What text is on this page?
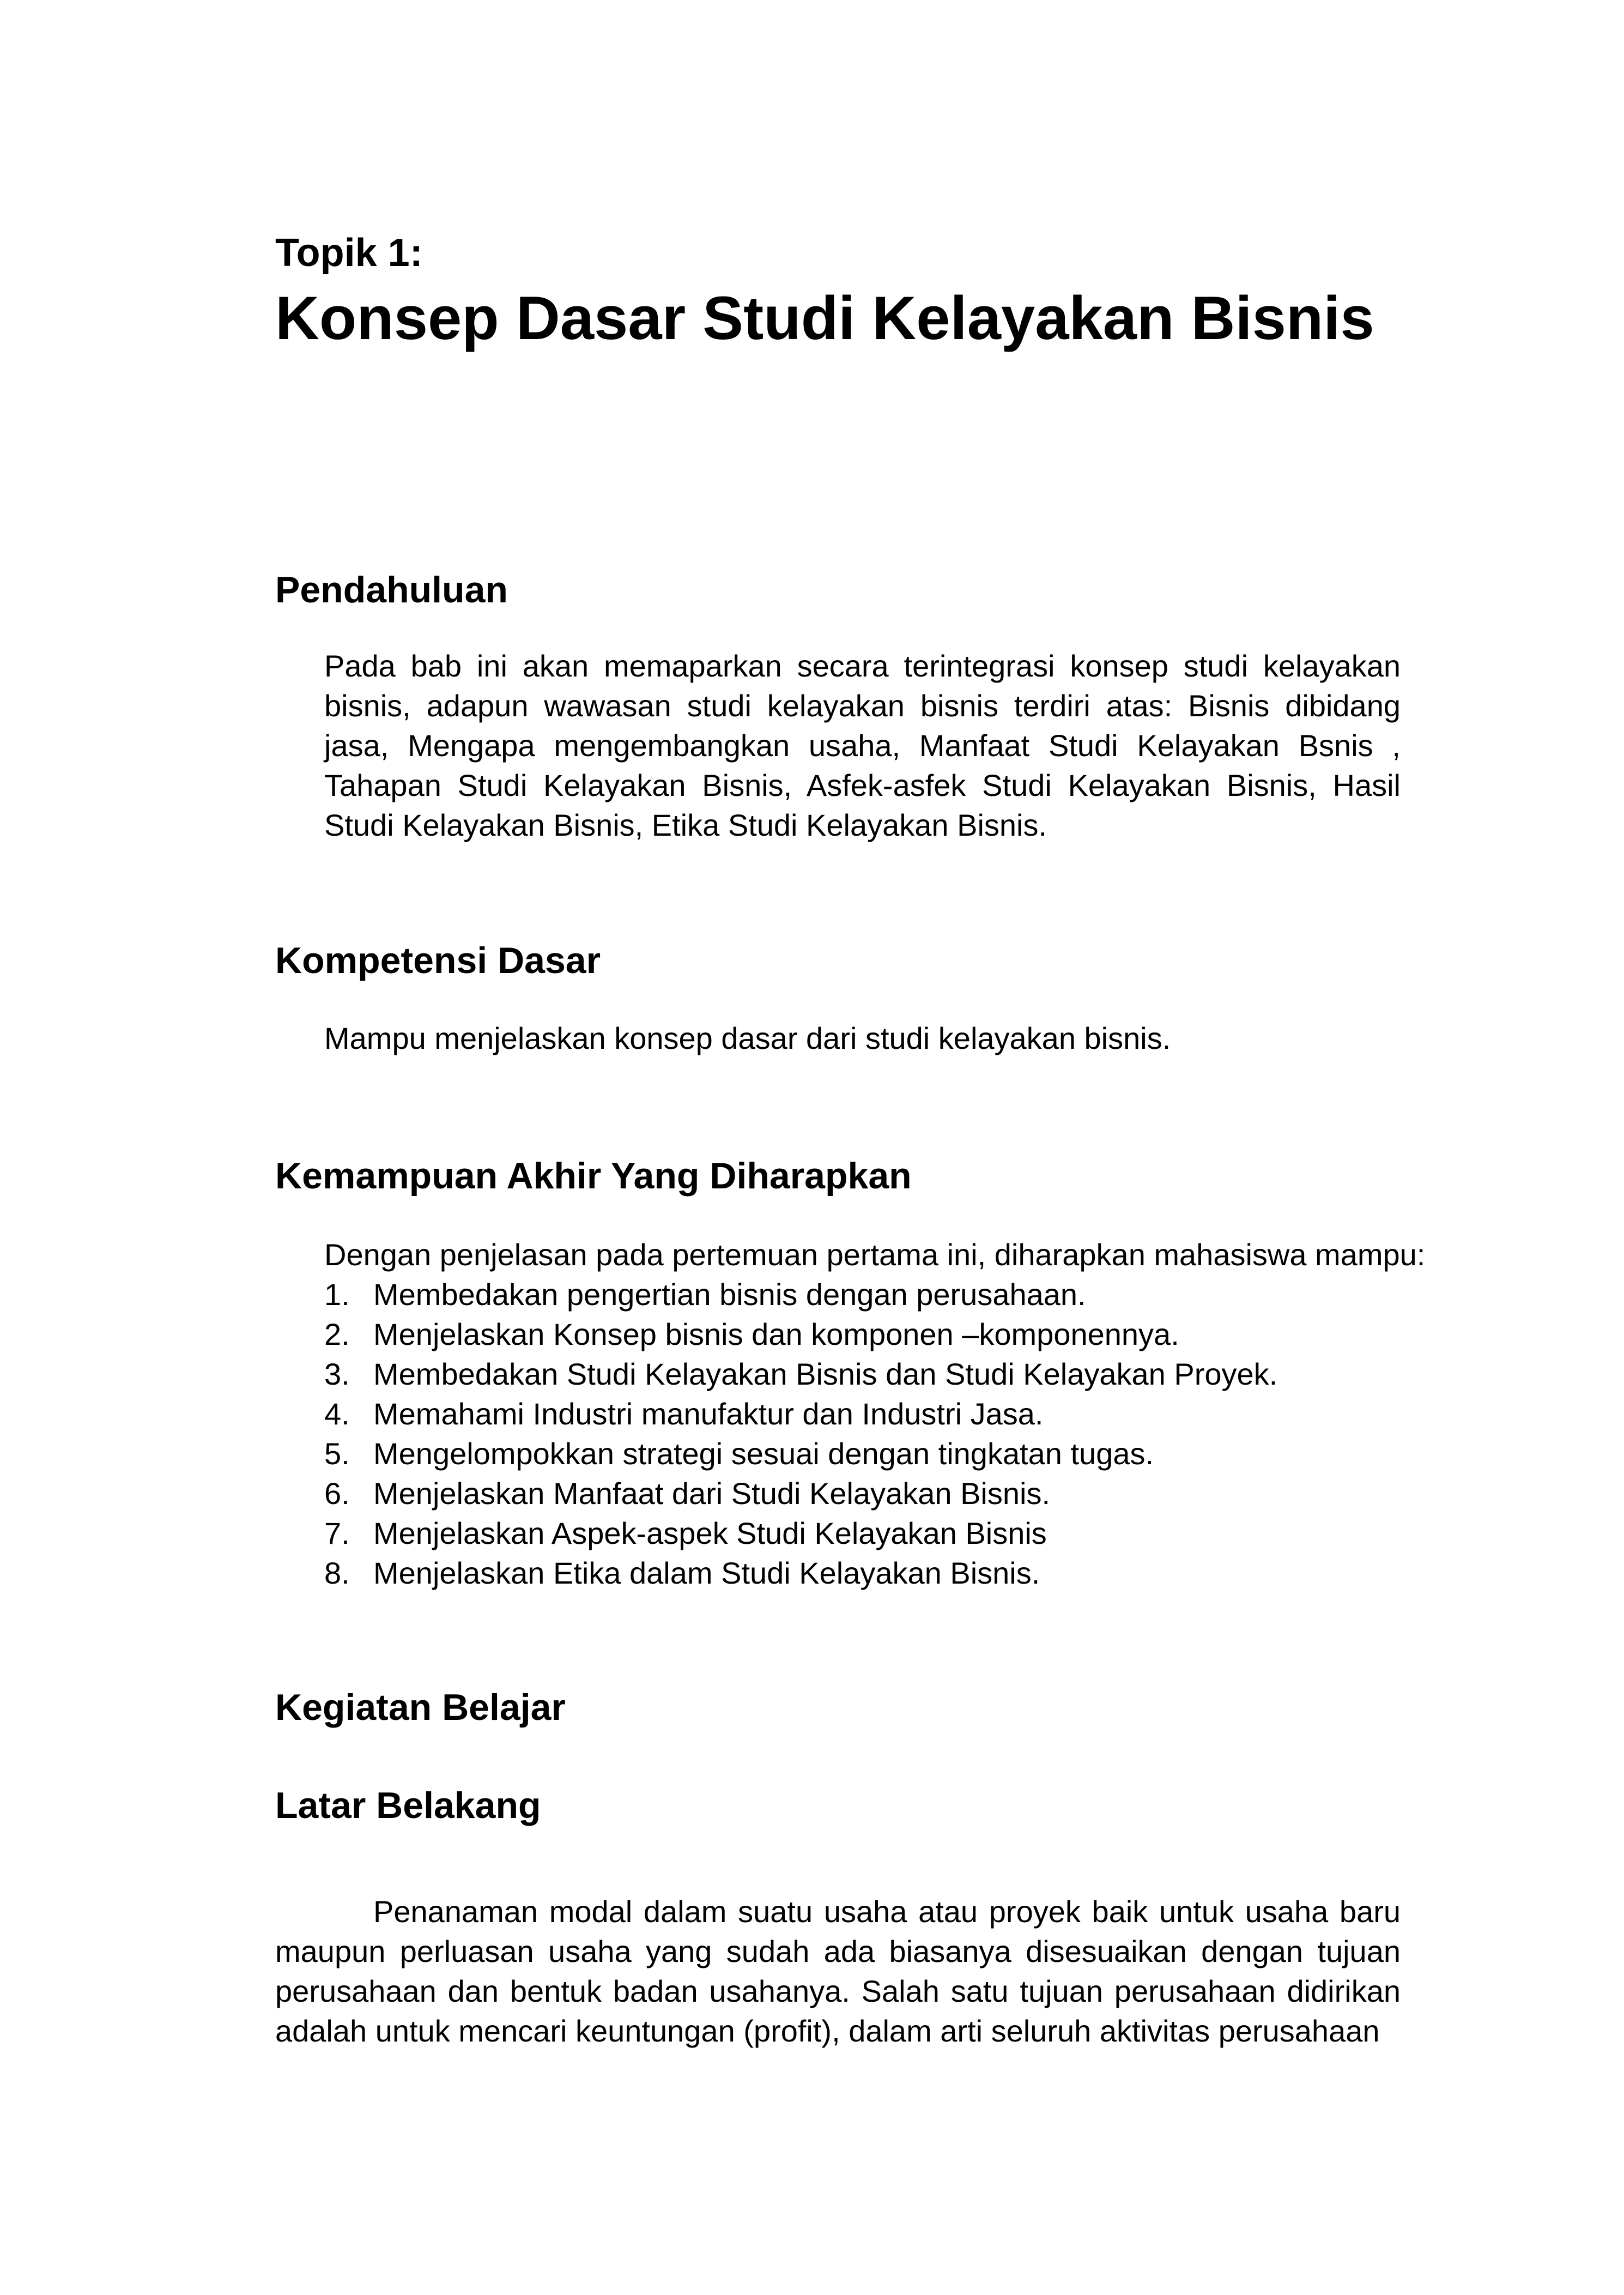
Topik 1:

Konsep Dasar Studi Kelayakan Bisnis
Pendahuluan

Pada bab ini akan memaparkan secara terintegrasi konsep studi kelayakan bisnis, adapun wawasan studi kelayakan bisnis terdiri atas: Bisnis dibidang jasa, Mengapa mengembangkan usaha, Manfaat Studi Kelayakan Bsnis , Tahapan Studi Kelayakan Bisnis, Asfek-asfek Studi Kelayakan Bisnis, Hasil Studi Kelayakan Bisnis, Etika Studi Kelayakan Bisnis.

Kompetensi Dasar

Mampu menjelaskan konsep dasar dari studi kelayakan bisnis.

Kemampuan Akhir Yang Diharapkan

Dengan penjelasan pada pertemuan pertama ini, diharapkan mahasiswa mampu:

1. Membedakan pengertian bisnis dengan perusahaan.
2. Menjelaskan Konsep bisnis dan komponen –komponennya.
3. Membedakan Studi Kelayakan Bisnis dan Studi Kelayakan Proyek.
4. Memahami Industri manufaktur dan Industri Jasa.
5. Mengelompokkan strategi sesuai dengan tingkatan tugas.
6. Menjelaskan Manfaat dari Studi Kelayakan Bisnis.
7. Menjelaskan Aspek-aspek Studi Kelayakan Bisnis
8. Menjelaskan Etika dalam Studi Kelayakan Bisnis.
Kegiatan Belajar
Latar Belakang

Penanaman modal dalam suatu usaha atau proyek baik untuk usaha baru maupun perluasan usaha yang sudah ada biasanya disesuaikan dengan tujuan perusahaan dan bentuk badan usahanya. Salah satu tujuan perusahaan didirikan adalah untuk mencari keuntungan (profit), dalam arti seluruh aktivitas perusahaan
